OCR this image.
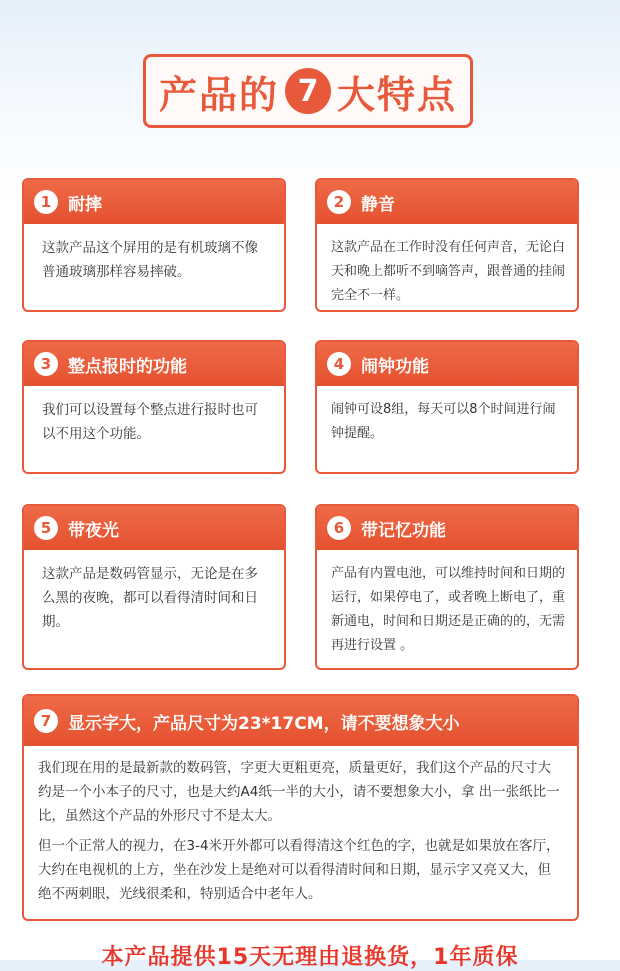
产品的 7 大特点
1 耐摔
这款产品这个屏用的是有机玻璃不像普通玻璃那样容易摔破。
2 静音
这款产品在工作时没有任何声音，无论白天和晚上都听不到嘀答声，跟普通的挂闹完全不一样。
3 整点报时的功能
我们可以设置每个整点进行报时也可以不用这个功能。
4 闹钟功能
闹钟可设8组，每天可以8个时间进行闹钟提醒。
5 带夜光
这款产品是数码管显示，无论是在多么黑的夜晚，都可以看得清时间和日期。
6 带记忆功能
产品有内置电池，可以维持时间和日期的运行，如果停电了，或者晚上断电了，重新通电，时间和日期还是正确的的，无需再进行设置 。
7 显示字大，产品尺寸为23*17CM，请不要想象大小

我们现在用的是最新款的数码管，字更大更粗更亮，质量更好，我们这个产品的尺寸大约是一个小本子的尺寸，也是大约A4纸一半的大小，请不要想象大小，拿 出一张纸比一比，虽然这个产品的外形尺寸不是太大。

但一个正常人的视力，在3-4米开外都可以看得清这个红色的字，也就是如果放在客厅，大约在电视机的上方，坐在沙发上是绝对可以看得清时间和日期，显示字又亮又大，但绝不两刺眼，光线很柔和，特别适合中老年人。

本产品提供15天无理由退换货，1年质保
